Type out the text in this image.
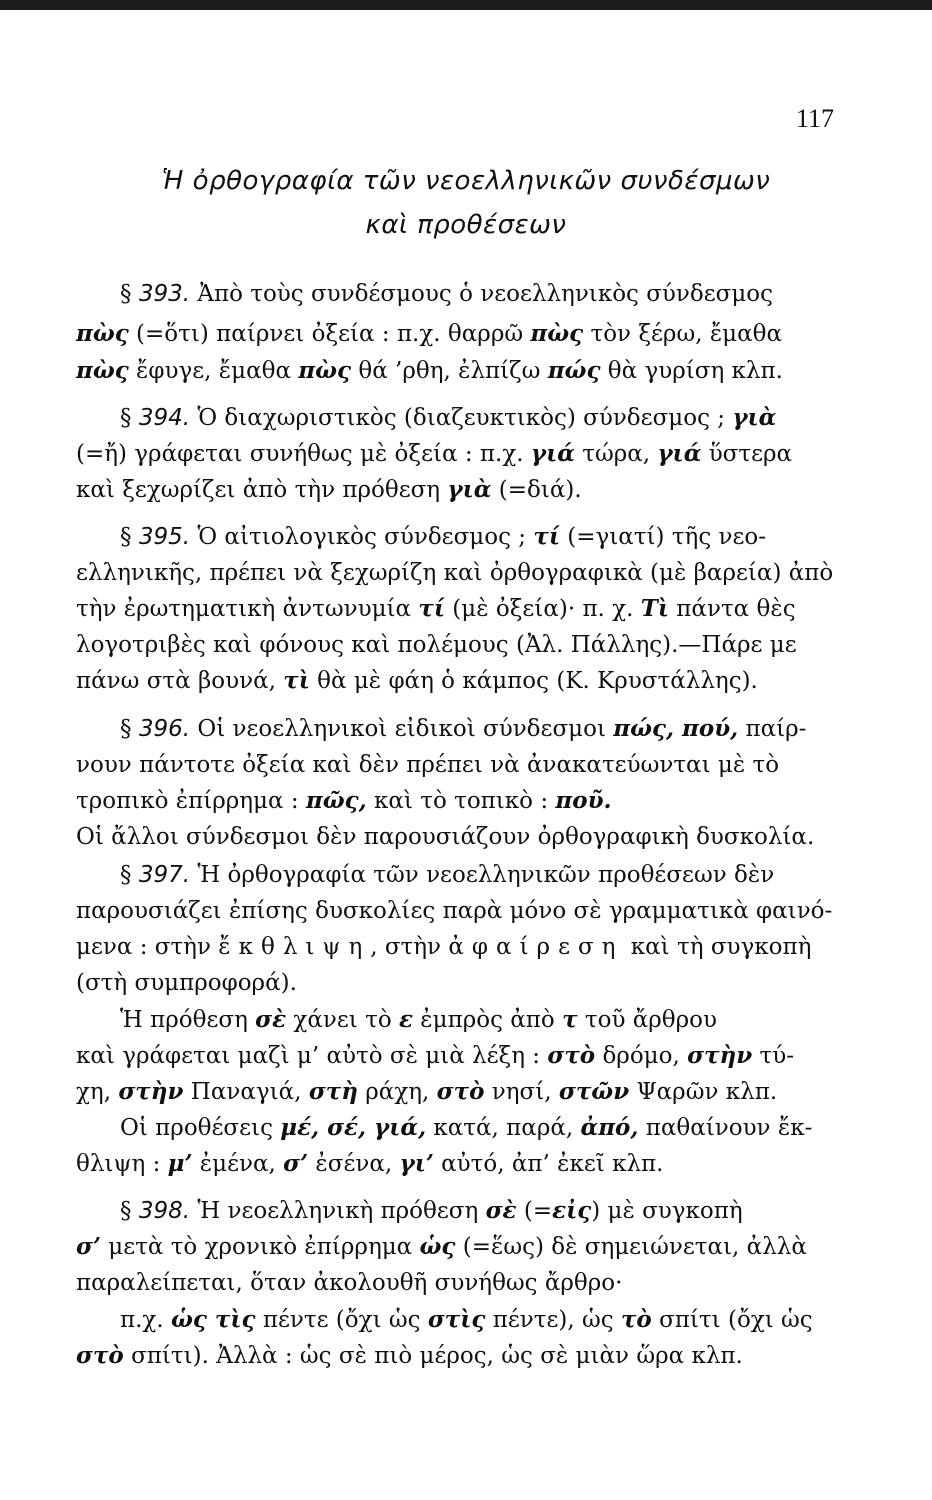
117
Ἡ ὀρθογραφία τῶν νεοελληνικῶν συνδέσμων
καὶ προθέσεων
§ 393. Ἀπὸ τοὺς συνδέσμους ὁ νεοελληνικὸς σύνδεσμος
πὼς (=ὅτι) παίρνει ὀξεία : π.χ. θαρρῶ πὼς τὸν ξέρω, ἔμαθα
πὼς ἔφυγε, ἔμαθα πὼς θά ’ρθη, ἐλπίζω πώς θὰ γυρίση κλπ.
§ 394. Ὁ διαχωριστικὸς (διαζευκτικὸς) σύνδεσμος ; γιὰ
(=ἤ) γράφεται συνήθως μὲ ὀξεία : π.χ. γιά τώρα, γιά ὕστερα
καὶ ξεχωρίζει ἀπὸ τὴν πρόθεση γιὰ (=διά).
§ 395. Ὁ αἰτιολογικὸς σύνδεσμος ; τί (=γιατί) τῆς νεο-
ελληνικῆς, πρέπει νὰ ξεχωρίζη καὶ ὀρθογραφικὰ (μὲ βαρεία) ἀπὸ
τὴν ἐρωτηματικὴ ἀντωνυμία τί (μὲ ὀξεία)· π. χ. Τὶ πάντα θὲς
λογοτριβὲς καὶ φόνους καὶ πολέμους (Ἀλ. Πάλλης).—Πάρε με
πάνω στὰ βουνά, τὶ θὰ μὲ φάη ὁ κάμπος (Κ. Κρυστάλλης).
§ 396. Οἱ νεοελληνικοὶ εἰδικοὶ σύνδεσμοι πώς, πού, παίρ-
νουν πάντοτε ὀξεία καὶ δὲν πρέπει νὰ ἀνακατεύωνται μὲ τὸ
τροπικὸ ἐπίρρημα : πῶς, καὶ τὸ τοπικὸ : ποῦ.
Οἱ ἄλλοι σύνδεσμοι δὲν παρουσιάζουν ὀρθογραφικὴ δυσκολία.
§ 397. Ἡ ὀρθογραφία τῶν νεοελληνικῶν προθέσεων δὲν
παρουσιάζει ἐπίσης δυσκολίες παρὰ μόνο σὲ γραμματικὰ φαινό-
μενα : στὴν ἔκθλιψη, στὴν ἀφαίρεση καὶ τὴ συγκοπὴ
(στὴ συμπροφορά).
Ἡ πρόθεση σὲ χάνει τὸ ε ἐμπρὸς ἀπὸ τ τοῦ ἄρθρου
καὶ γράφεται μαζὶ μ’ αὐτὸ σὲ μιὰ λέξη : στὸ δρόμο, στὴν τύ-
χη, στὴν Παναγιά, στὴ ράχη, στὸ νησί, στῶν Ψαρῶν κλπ.
Οἱ προθέσεις μέ, σέ, γιά, κατά, παρά, ἀπό, παθαίνουν ἔκ-
θλιψη : μ’ ἐμένα, σ’ ἐσένα, γι’ αὐτό, ἀπ’ ἐκεῖ κλπ.
§ 398. Ἡ νεοελληνικὴ πρόθεση σὲ (=εἰς) μὲ συγκοπὴ
σ’ μετὰ τὸ χρονικὸ ἐπίρρημα ὡς (=ἕως) δὲ σημειώνεται, ἀλλὰ
παραλείπεται, ὅταν ἀκολουθῆ συνήθως ἄρθρο·
π.χ. ὡς τὶς πέντε (ὄχι ὡς στὶς πέντε), ὡς τὸ σπίτι (ὄχι ὡς
στὸ σπίτι). Ἀλλὰ : ὡς σὲ πιὸ μέρος, ὡς σὲ μιὰν ὥρα κλπ.
